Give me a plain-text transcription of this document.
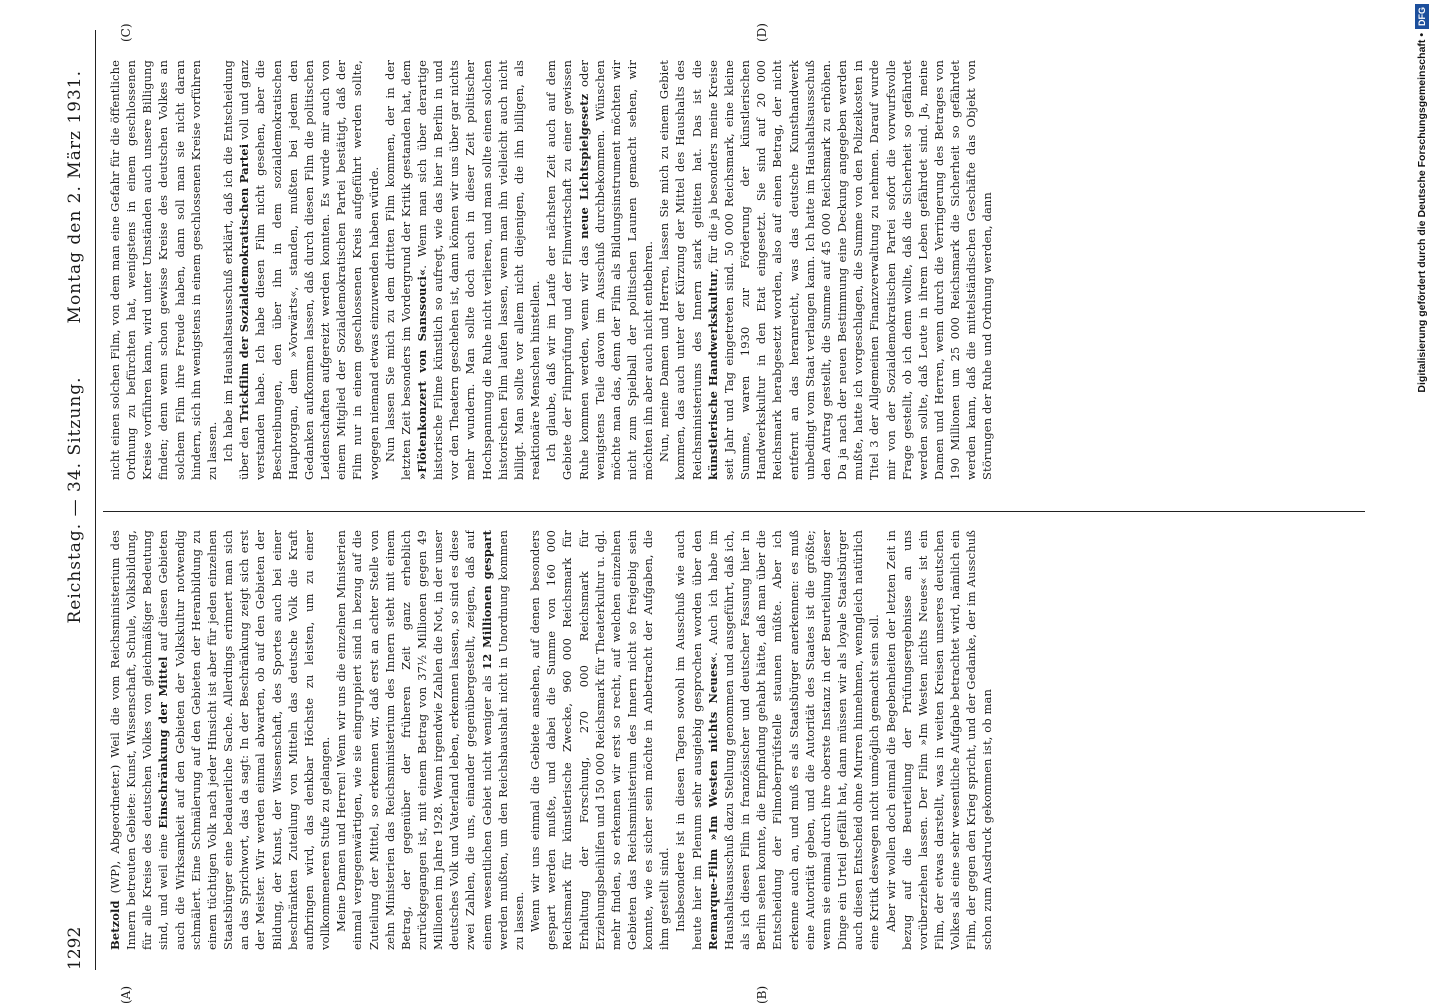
1292
Reichstag. — 34. Sitzung.
Montag den 2. März 1931.
(A)	(B)
(C)	(D)

Betzold (WP), Abgeordneter.) Weil die vom Reichsministerium des Innern betreuten Gebiete: Kunst, Wissenschaft, Schule, Volksbildung, für alle Kreise des deutschen Volkes von gleichmäßiger Bedeutung sind, und weil eine Einschränkung der Mittel auf diesen Gebieten auch die Wirksamkeit auf den Gebieten der Volkskultur notwendig schmälert. Eine Schmälerung auf den Gebieten der Heranbildung zu einem tüchtigen Volk nach jeder Hinsicht ist aber für jeden einzelnen Staatsbürger eine bedauerliche Sache. Allerdings erinnert man sich an das Sprichwort, das da sagt: In der Beschränkung zeigt sich erst der Meister. Wir werden einmal abwarten, ob auf den Gebieten der Bildung, der Kunst, der Wissenschaft, des Sportes auch bei einer beschränkten Zuteilung von Mitteln das deutsche Volk die Kraft aufbringen wird, das denkbar Höchste zu leisten, um zu einer vollkommeneren Stufe zu gelangen. Meine Damen und Herren! Wenn wir uns die einzelnen Ministerien einmal vergegenwärtigen, wie sie eingruppiert sind in bezug auf die Zuteilung der Mittel, so erkennen wir, daß erst an achter Stelle von zehn Ministerien das Reichsministerium des Innern steht mit einem Betrag, der gegenüber der früheren Zeit ganz erheblich zurückgegangen ist, mit einem Betrag von 37½ Millionen gegen 49 Millionen im Jahre 1928. Wenn irgendwie Zahlen die Not, in der unser deutsches Volk und Vaterland leben, erkennen lassen, so sind es diese zwei Zahlen, die uns, einander gegenübergestellt, zeigen, daß auf einem wesentlichen Gebiet nicht weniger als 12 Millionen gespart werden mußten, um den Reichshaushalt nicht in Unordnung kommen zu lassen. Wenn wir uns einmal die Gebiete ansehen, auf denen besonders gespart werden mußte, und dabei die Summe von 160 000 Reichsmark für künstlerische Zwecke, 960 000 Reichsmark für Erhaltung der Forschung, 270 000 Reichsmark für Erziehungsbeihilfen und 150 000 Reichsmark für Theaterkultur u. dgl. mehr finden, so erkennen wir erst so recht, auf welchen einzelnen Gebieten das Reichsministerium des Innern nicht so freigebig sein konnte, wie es sicher sein möchte in Anbetracht der Aufgaben, die ihm gestellt sind. Insbesondere ist in diesen Tagen sowohl im Ausschuß wie auch heute hier im Plenum sehr ausgiebig gesprochen worden über den Remarque-Film »Im Westen nichts Neues«. Auch ich habe im Haushaltsausschuß dazu Stellung genommen und ausgeführt, daß ich, als ich diesen Film in französischer und deutscher Fassung hier in Berlin sehen konnte, die Empfindung gehabt hätte, daß man über die Entscheidung der Filmoberprüfstelle staunen müßte. Aber ich erkenne auch an, und muß es als Staatsbürger anerkennen: es muß eine Autorität geben, und die Autorität des Staates ist die größte; wenn sie einmal durch ihre oberste Instanz in der Beurteilung dieser Dinge ein Urteil gefällt hat, dann müssen wir als loyale Staatsbürger auch diesen Entscheid ohne Murren hinnehmen, wenngleich natürlich eine Kritik deswegen nicht unmöglich gemacht sein soll. Aber wir wollen doch einmal die Begebenheiten der letzten Zeit in bezug auf die Beurteilung der Prüfungsergebnisse an uns vorüberziehen lassen. Der Film »Im Westen nichts Neues« ist ein Film, der etwas darstellt, was in weiten Kreisen unseres deutschen Volkes als eine sehr wesentliche Aufgabe betrachtet wird, nämlich ein Film, der gegen den Krieg spricht, und der Gedanke, der im Ausschuß schon zum Ausdruck gekommen ist, ob man

nicht einen solchen Film, von dem man eine Gefahr für die öffentliche Ordnung zu befürchten hat, wenigstens in einem geschlossenen Kreise vorführen kann, wird unter Umständen auch unsere Billigung finden; denn wenn schon gewisse Kreise des deutschen Volkes an solchem Film ihre Freude haben, dann soll man sie nicht daran hindern, sich ihn wenigstens in einem geschlossenen Kreise vorführen zu lassen. Ich habe im Haushaltsausschuß erklärt, daß ich die Entscheidung über den Trickfilm der Sozialdemokratischen Partei voll und ganz verstanden habe. Ich habe diesen Film nicht gesehen, aber die Beschreibungen, den über ihn in dem sozialdemokratischen Hauptorgan, dem »Vorwärts«, standen, mußten bei jedem den Gedanken aufkommen lassen, daß durch diesen Film die politischen Leidenschaften aufgereizt werden konnten. Es wurde mir auch von einem Mitglied der Sozialdemokratischen Partei bestätigt, daß der Film nur in einem geschlossenen Kreis aufgeführt werden sollte, wogegen niemand etwas einzuwenden haben würde. Nun lassen Sie mich zu dem dritten Film kommen, der in der letzten Zeit besonders im Vordergrund der Kritik gestanden hat, dem »Flötenkonzert von Sanssouci«. Wenn man sich über derartige historische Filme künstlich so aufregt, wie das hier in Berlin in und vor den Theatern geschehen ist, dann können wir uns über gar nichts mehr wundern. Man sollte doch auch in dieser Zeit politischer Hochspannung die Ruhe nicht verlieren, und man sollte einen solchen historischen Film laufen lassen, wenn man ihn vielleicht auch nicht billigt. Man sollte vor allem nicht diejenigen, die ihn billigen, als reaktionäre Menschen hinstellen. Ich glaube, daß wir im Laufe der nächsten Zeit auch auf dem Gebiete der Filmprüfung und der Filmwirtschaft zu einer gewissen Ruhe kommen werden, wenn wir das neue Lichtspielgesetz oder wenigstens Teile davon im Ausschuß durchbekommen. Wünschen möchte man das, denn der Film als Bildungsinstrument möchten wir nicht zum Spielball der politischen Launen gemacht sehen, wir möchten ihn aber auch nicht entbehren. Nun, meine Damen und Herren, lassen Sie mich zu einem Gebiet kommen, das auch unter der Kürzung der Mittel des Haushalts des Reichsministeriums des Innern stark gelitten hat. Das ist die künstlerische Handwerkskultur, für die ja besonders meine Kreise seit Jahr und Tag eingetreten sind. 50 000 Reichsmark, eine kleine Summe, waren 1930 zur Förderung der künstlerischen Handwerkskultur in den Etat eingesetzt. Sie sind auf 20 000 Reichsmark herabgesetzt worden, also auf einen Betrag, der nicht entfernt an das heranreicht, was das deutsche Kunsthandwerk unbedingt vom Staat verlangen kann. Ich hatte im Haushaltsausschuß den Antrag gestellt, die Summe auf 45 000 Reichsmark zu erhöhen. Da ja nach der neuen Bestimmung eine Deckung angegeben werden mußte, hatte ich vorgeschlagen, die Summe von den Polizeikosten in Titel 3 der Allgemeinen Finanzverwaltung zu nehmen. Darauf wurde mir von der Sozialdemokratischen Partei sofort die vorwurfsvolle Frage gestellt, ob ich denn wollte, daß die Sicherheit so gefährdet werden sollte, daß Leute in ihrem Leben gefährdet sind. Ja, meine Damen und Herren, wenn durch die Verringerung des Betrages von 190 Millionen um 25 000 Reichsmark die Sicherheit so gefährdet werden kann, daß die mittelständischen Geschäfte das Objekt von Störungen der Ruhe und Ordnung werden, dann	Digitalisierung gefördert durch die Deutsche Forschungsgemeinschaft •DFG
